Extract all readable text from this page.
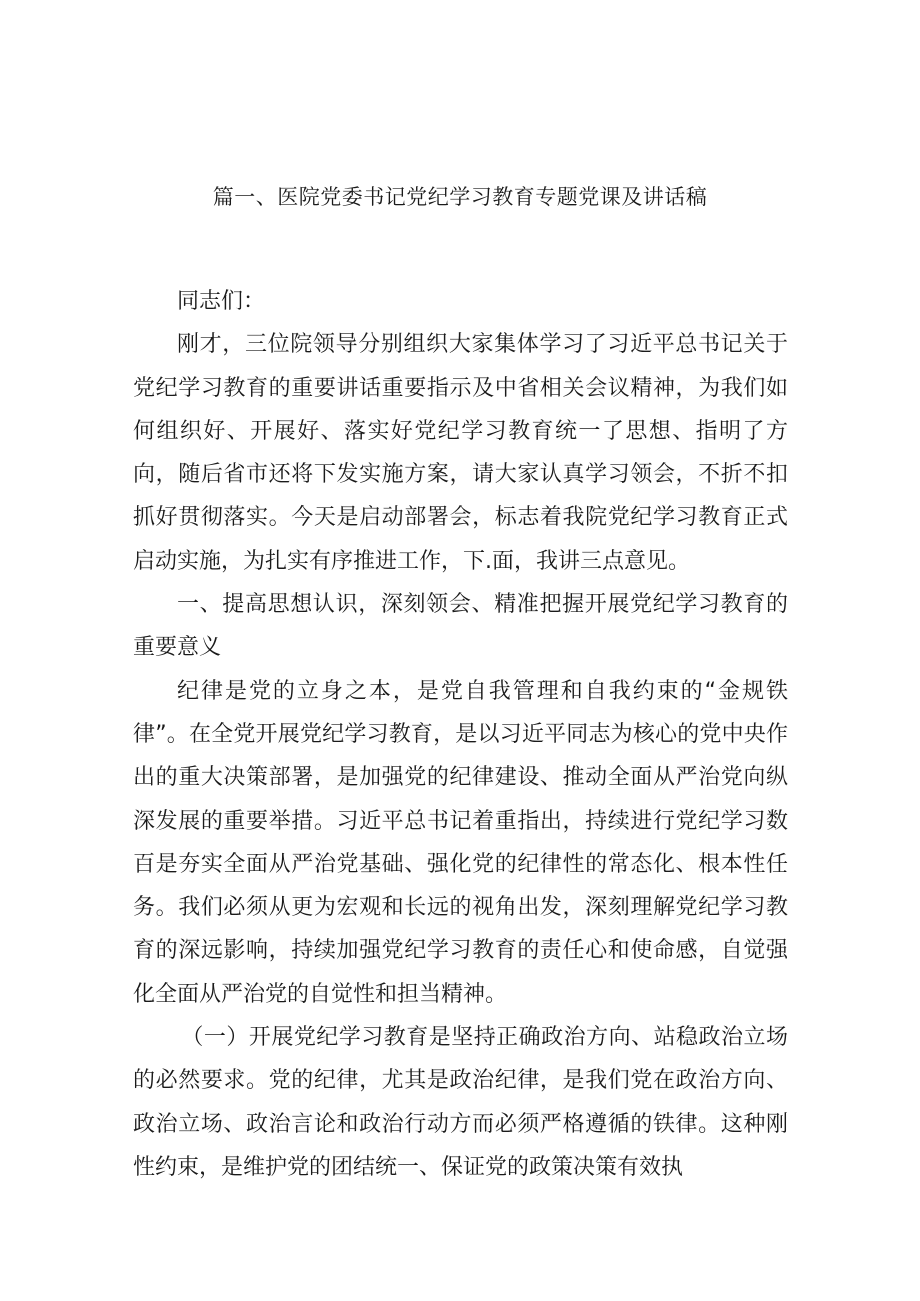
篇一、医院党委书记党纪学习教育专题党课及讲话稿

同志们：

刚才，三位院领导分别组织大家集体学习了习近平总书记关于党纪学习教育的重要讲话重要指示及中省相关会议精神，为我们如何组织好、开展好、落实好党纪学习教育统一了思想、指明了方向，随后省市还将下发实施方案，请大家认真学习领会，不折不扣抓好贯彻落实。今天是启动部署会，标志着我院党纪学习教育正式启动实施，为扎实有序推进工作，下.面，我讲三点意见。

一、提高思想认识，深刻领会、精准把握开展党纪学习教育的重要意义

纪律是党的立身之本，是党自我管理和自我约束的“金规铁律”。在全党开展党纪学习教育，是以习近平同志为核心的党中央作出的重大决策部署，是加强党的纪律建设、推动全面从严治党向纵深发展的重要举措。习近平总书记着重指出，持续进行党纪学习数百是夯实全面从严治党基础、强化党的纪律性的常态化、根本性任务。我们必须从更为宏观和长远的视角出发，深刻理解党纪学习教育的深远影响，持续加强党纪学习教育的责任心和使命感，自觉强化全面从严治党的自觉性和担当精神。

（一）开展党纪学习教育是坚持正确政治方向、站稳政治立场的必然要求。党的纪律，尤其是政治纪律，是我们党在政治方向、政治立场、政治言论和政治行动方而必须严格遵循的铁律。这种刚性约束，是维护党的团结统一、保证党的政策决策有效执
